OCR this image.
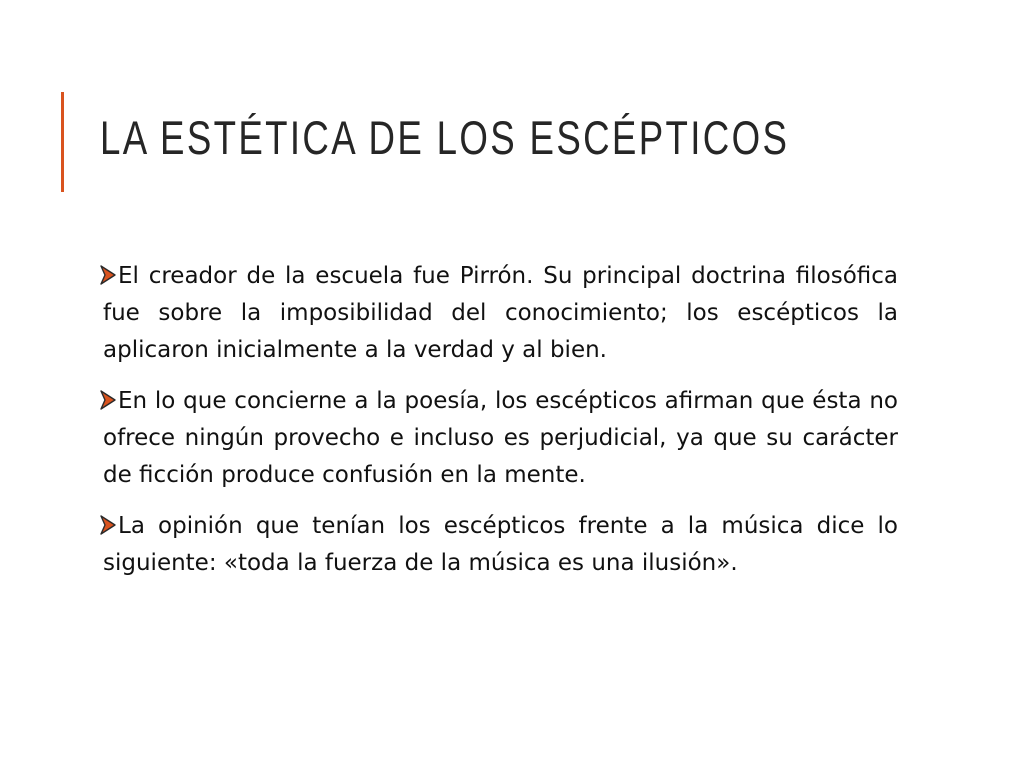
LA ESTÉTICA DE LOS ESCÉPTICOS
El creador de la escuela fue Pirrón. Su principal doctrina filosófica fue sobre la imposibilidad del conocimiento; los escépticos la aplicaron inicialmente a la verdad y al bien.
En lo que concierne a la poesía, los escépticos afirman que ésta no ofrece ningún provecho e incluso es perjudicial, ya que su carácter de ficción produce confusión en la mente.
La opinión que tenían los escépticos frente a la música dice lo siguiente: «toda la fuerza de la música es una ilusión».
